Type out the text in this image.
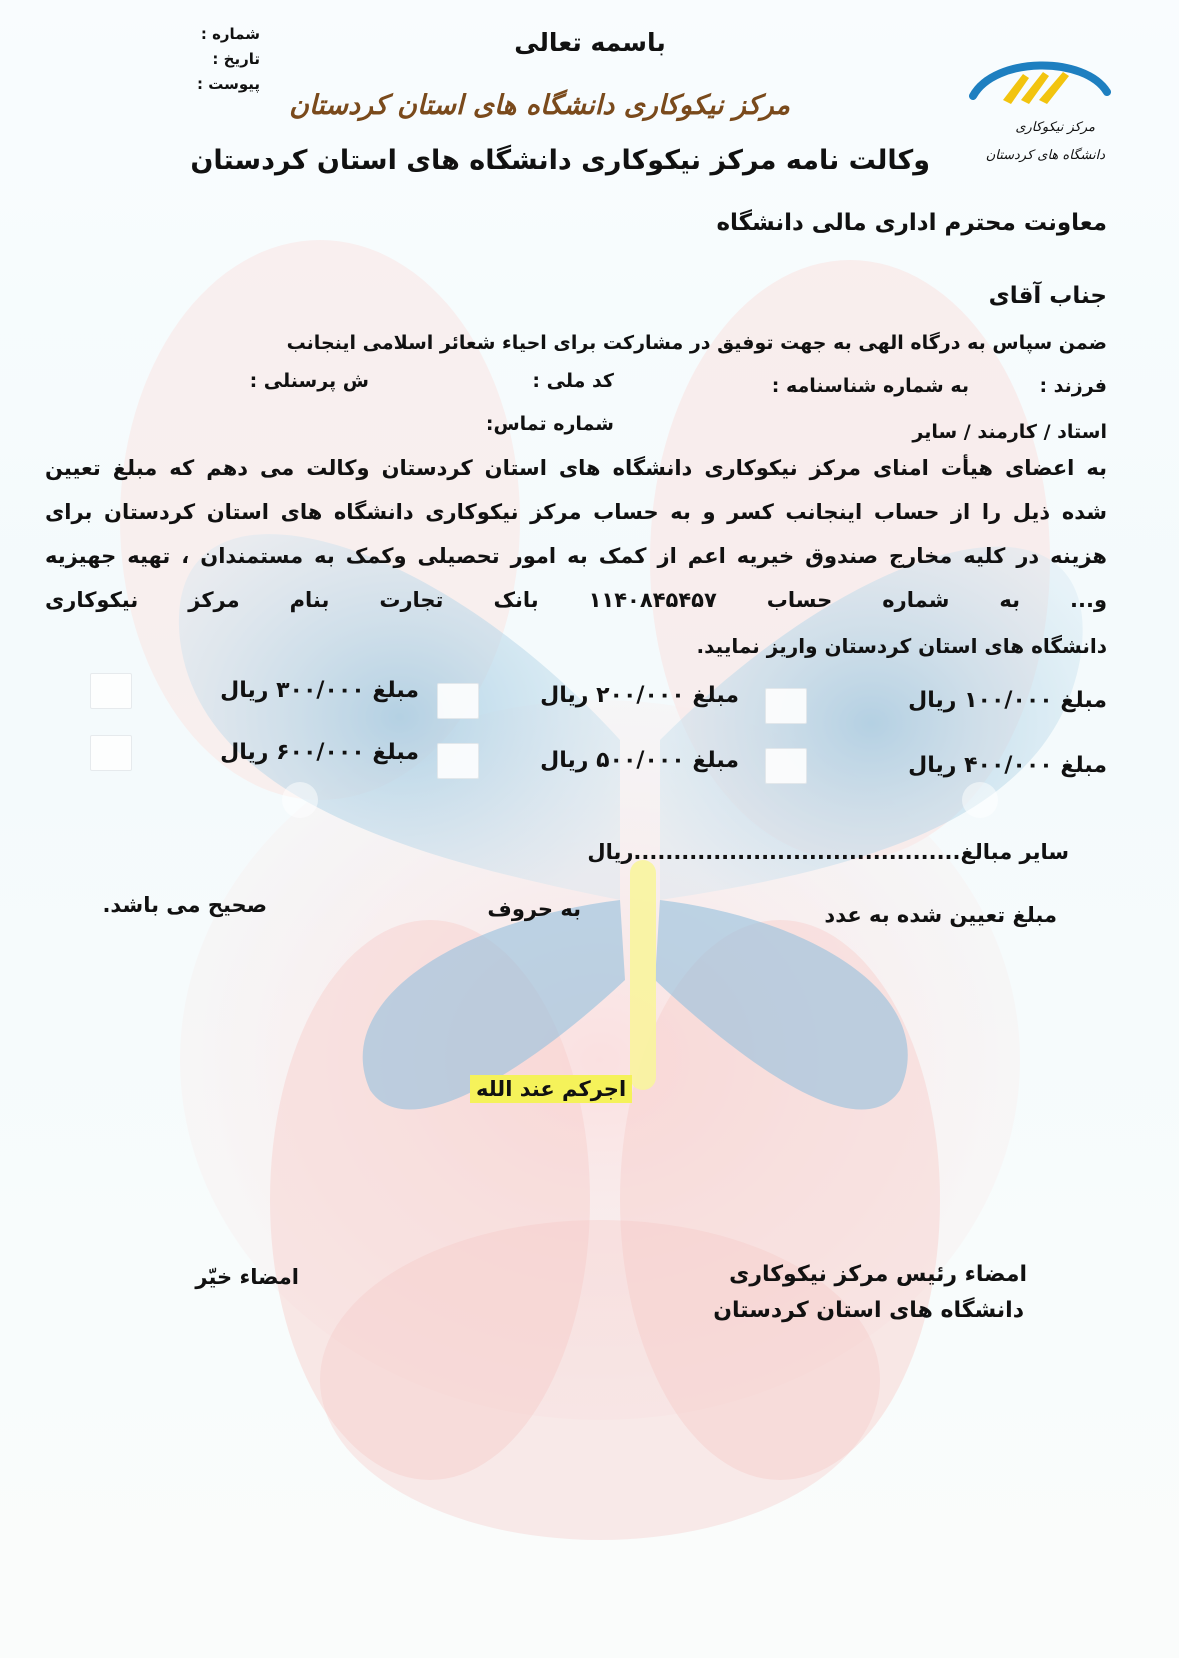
شماره :
تاریخ :
پیوست :
باسمه تعالی
مرکز نیکوکاری دانشگاه های استان کردستان
مرکز نیکوکاری
دانشگاه های کردستان
وکالت نامه مرکز نیکوکاری دانشگاه های استان کردستان
معاونت محترم اداری مالی دانشگاه
جناب آقای
ضمن سپاس به درگاه الهی به جهت توفیق در مشارکت برای احیاء شعائر اسلامی اینجانب
فرزند :
به شماره شناسنامه :
کد ملی :
ش پرسنلی :
استاد / کارمند / سایر
شماره تماس:
به اعضای هیأت امنای مرکز نیکوکاری دانشگاه های استان کردستان وکالت می دهم که مبلغ تعیین
شده ذیل را از حساب اینجانب کسر و به حساب مرکز نیکوکاری دانشگاه های استان کردستان برای
هزینه در کلیه مخارج صندوق خیریه اعم از کمک به امور تحصیلی وکمک به مستمندان ، تهیه جهیزیه
و... به شماره حساب ۱۱۴۰۸۴۵۴۵۷ بانک تجارت بنام مرکز نیکوکاری
دانشگاه های استان کردستان واریز نمایید.
مبلغ ۱۰۰/۰۰۰ ریال
مبلغ ۲۰۰/۰۰۰ ریال
مبلغ ۳۰۰/۰۰۰ ریال
مبلغ ۴۰۰/۰۰۰ ریال
مبلغ ۵۰۰/۰۰۰ ریال
مبلغ ۶۰۰/۰۰۰ ریال
سایر مبالغ.........................................ریال
مبلغ تعیین شده به عدد
به حروف
صحیح می باشد.
اجرکم عند الله
امضاء رئیس مرکز نیکوکاری
دانشگاه های استان کردستان
امضاء خیّر
